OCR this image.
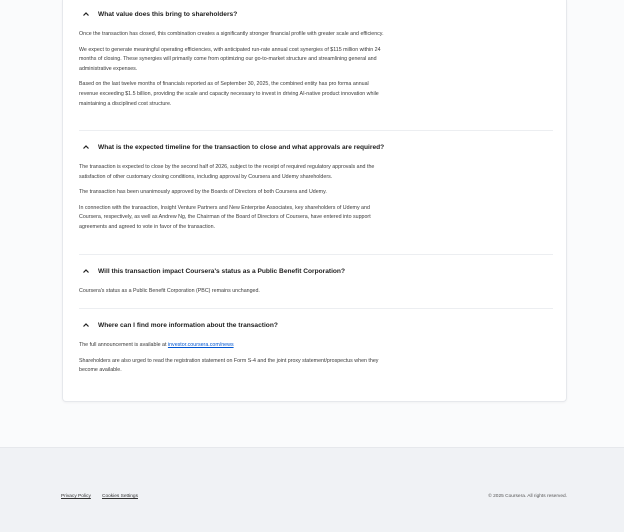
What value does this bring to shareholders?

Once the transaction has closed, this combination creates a significantly stronger financial profile with greater scale and efficiency.

We expect to generate meaningful operating efficiencies, with anticipated run-rate annual cost synergies of $115 million within 24 months of closing. These synergies will primarily come from optimizing our go-to-market structure and streamlining general and administrative expenses.

Based on the last twelve months of financials reported as of September 30, 2025, the combined entity has pro forma annual revenue exceeding $1.5 billion, providing the scale and capacity necessary to invest in driving AI-native product innovation while maintaining a disciplined cost structure.

What is the expected timeline for the transaction to close and what approvals are required?

The transaction is expected to close by the second half of 2026, subject to the receipt of required regulatory approvals and the satisfaction of other customary closing conditions, including approval by Coursera and Udemy shareholders.

The transaction has been unanimously approved by the Boards of Directors of both Coursera and Udemy.

In connection with the transaction, Insight Venture Partners and New Enterprise Associates, key shareholders of Udemy and Coursera, respectively, as well as Andrew Ng, the Chairman of the Board of Directors of Coursera, have entered into support agreements and agreed to vote in favor of the transaction.

Will this transaction impact Coursera's status as a Public Benefit Corporation?

Coursera's status as a Public Benefit Corporation (PBC) remains unchanged.

Where can I find more information about the transaction?

The full announcement is available at investor.coursera.com/news

Shareholders are also urged to read the registration statement on Form S-4 and the joint proxy statement/prospectus when they become available.

Privacy Policy Cookies Settings	© 2025 Coursera. All rights reserved.
